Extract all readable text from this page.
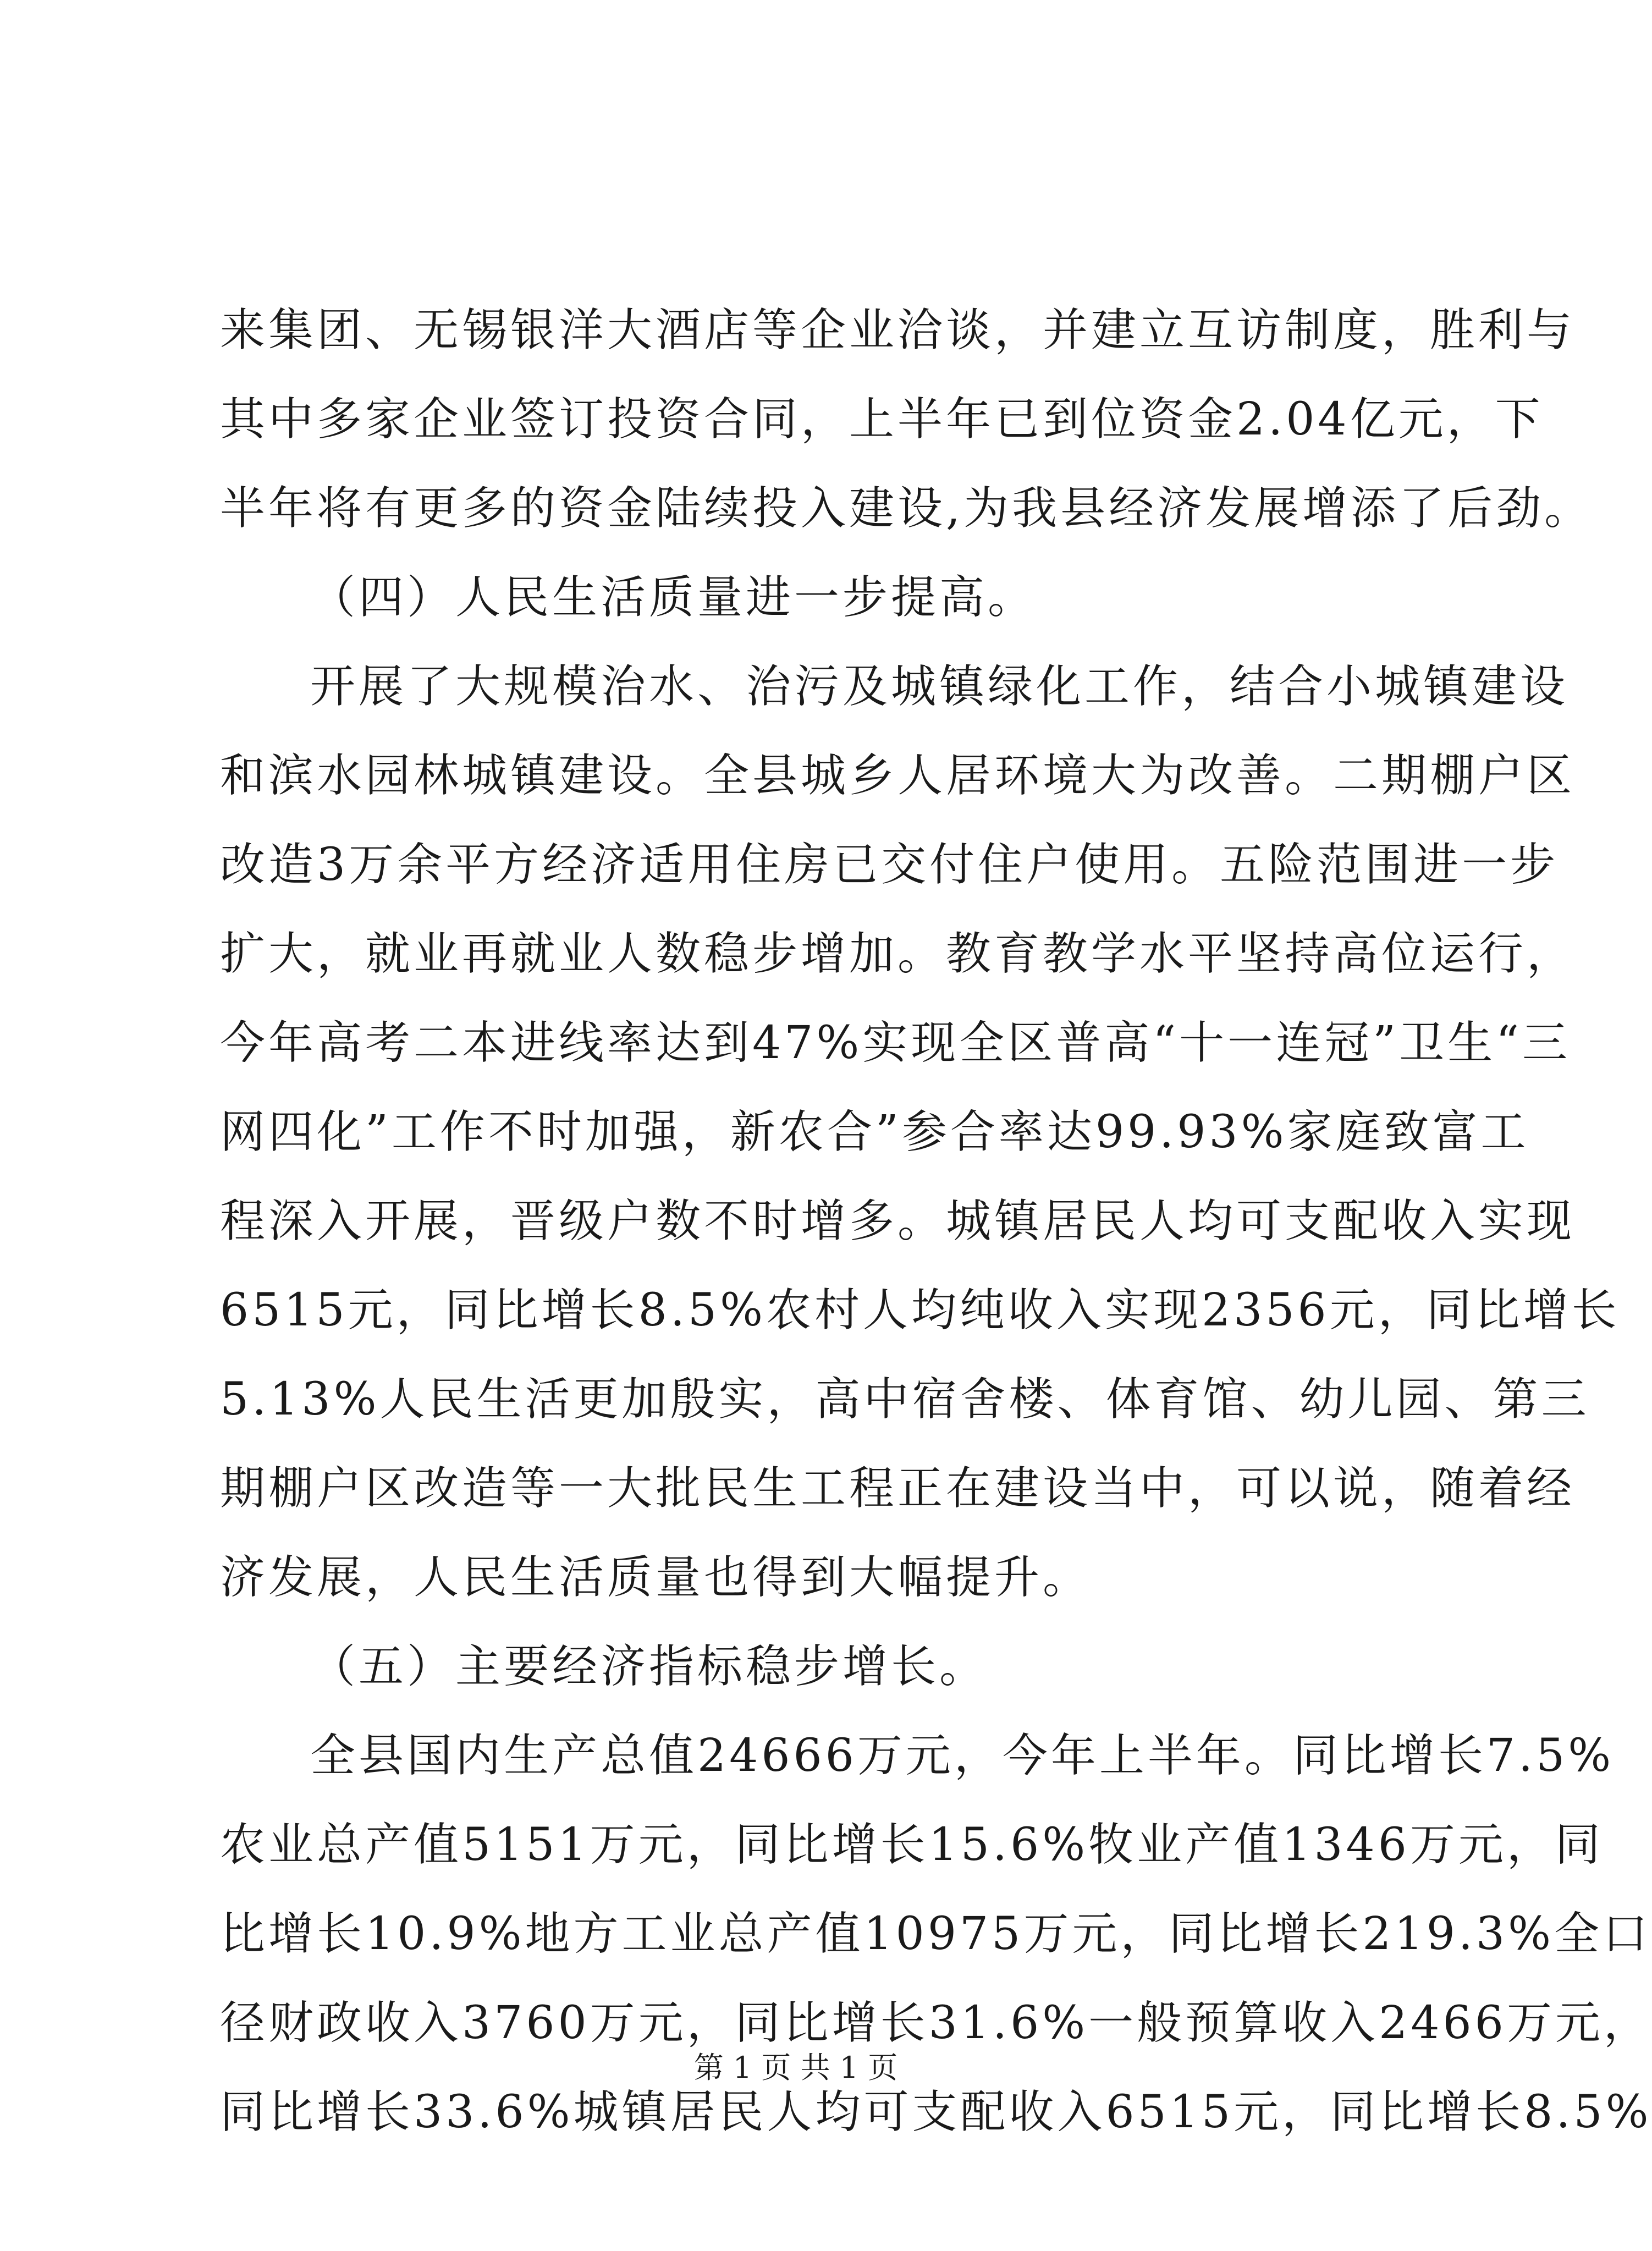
来集团、无锡银洋大酒店等企业洽谈，并建立互访制度，胜利与
其中多家企业签订投资合同，上半年已到位资金2.04亿元，下
半年将有更多的资金陆续投入建设,为我县经济发展增添了后劲。
（四）人民生活质量进一步提高。
开展了大规模治水、治污及城镇绿化工作，结合小城镇建设
和滨水园林城镇建设。全县城乡人居环境大为改善。二期棚户区
改造3万余平方经济适用住房已交付住户使用。五险范围进一步
扩大，就业再就业人数稳步增加。教育教学水平坚持高位运行，
今年高考二本进线率达到47%实现全区普高“十一连冠”卫生“三
网四化”工作不时加强，新农合”参合率达99.93%家庭致富工
程深入开展，晋级户数不时增多。城镇居民人均可支配收入实现
6515元，同比增长8.5%农村人均纯收入实现2356元，同比增长
5.13%人民生活更加殷实，高中宿舍楼、体育馆、幼儿园、第三
期棚户区改造等一大批民生工程正在建设当中，可以说，随着经
济发展，人民生活质量也得到大幅提升。
（五）主要经济指标稳步增长。
全县国内生产总值24666万元，今年上半年。同比增长7.5%
农业总产值5151万元，同比增长15.6%牧业产值1346万元，同
比增长10.9%地方工业总产值10975万元，同比增长219.3%全口
径财政收入3760万元，同比增长31.6%一般预算收入2466万元，
同比增长33.6%城镇居民人均可支配收入6515元，同比增长8.5%
第 1 页 共 1 页
